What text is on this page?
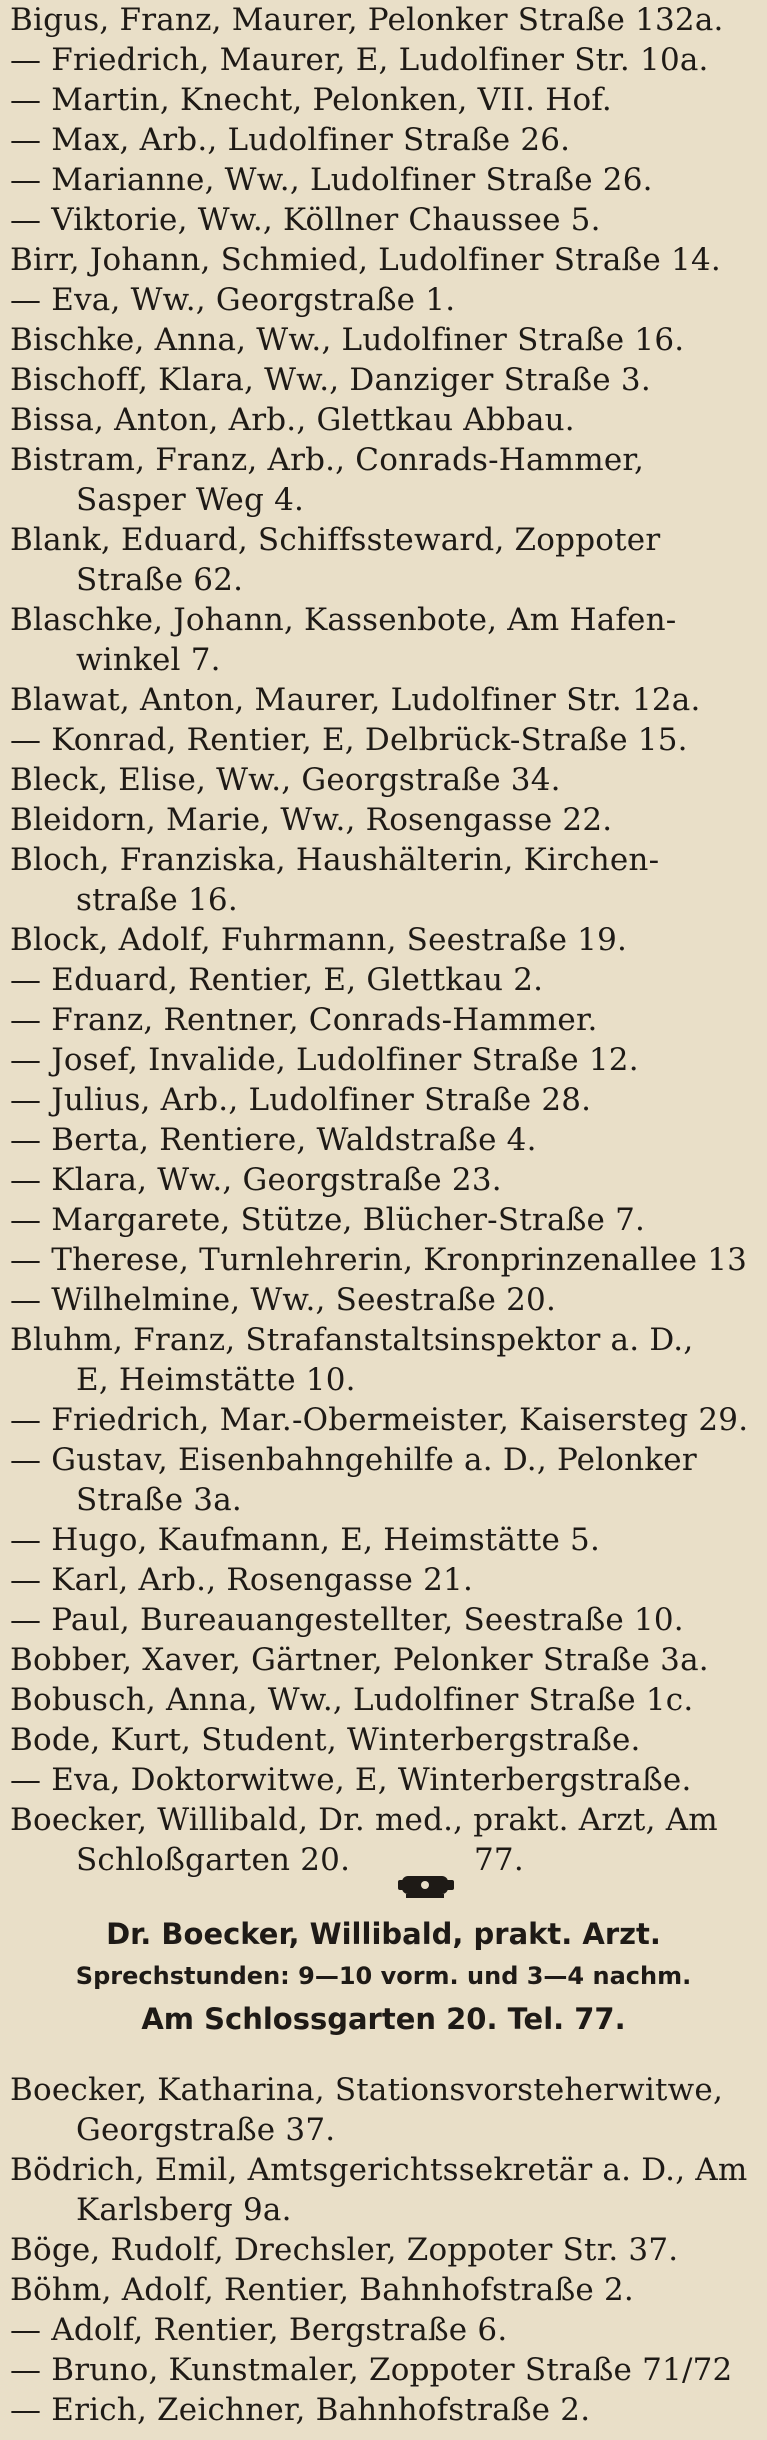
Bigus, Franz, Maurer, Pelonker Straße 132a.
— Friedrich, Maurer, E, Ludolfiner Str. 10a.
— Martin, Knecht, Pelonken, VII. Hof.
— Max, Arb., Ludolfiner Straße 26.
— Marianne, Ww., Ludolfiner Straße 26.
— Viktorie, Ww., Köllner Chaussee 5.
Birr, Johann, Schmied, Ludolfiner Straße 14.
— Eva, Ww., Georgstraße 1.
Bischke, Anna, Ww., Ludolfiner Straße 16.
Bischoff, Klara, Ww., Danziger Straße 3.
Bissa, Anton, Arb., Glettkau Abbau.
Bistram, Franz, Arb., Conrads-Hammer,
Sasper Weg 4.
Blank, Eduard, Schiffssteward, Zoppoter
Straße 62.
Blaschke, Johann, Kassenbote, Am Hafen-
winkel 7.
Blawat, Anton, Maurer, Ludolfiner Str. 12a.
— Konrad, Rentier, E, Delbrück-Straße 15.
Bleck, Elise, Ww., Georgstraße 34.
Bleidorn, Marie, Ww., Rosengasse 22.
Bloch, Franziska, Haushälterin, Kirchen-
straße 16.
Block, Adolf, Fuhrmann, Seestraße 19.
— Eduard, Rentier, E, Glettkau 2.
— Franz, Rentner, Conrads-Hammer.
— Josef, Invalide, Ludolfiner Straße 12.
— Julius, Arb., Ludolfiner Straße 28.
— Berta, Rentiere, Waldstraße 4.
— Klara, Ww., Georgstraße 23.
— Margarete, Stütze, Blücher-Straße 7.
— Therese, Turnlehrerin, Kronprinzenallee 13
— Wilhelmine, Ww., Seestraße 20.
Bluhm, Franz, Strafanstaltsinspektor a. D.,
E, Heimstätte 10.
— Friedrich, Mar.-Obermeister, Kaisersteg 29.
— Gustav, Eisenbahngehilfe a. D., Pelonker
Straße 3a.
— Hugo, Kaufmann, E, Heimstätte 5.
— Karl, Arb., Rosengasse 21.
— Paul, Bureauangestellter, Seestraße 10.
Bobber, Xaver, Gärtner, Pelonker Straße 3a.
Bobusch, Anna, Ww., Ludolfiner Straße 1c.
Bode, Kurt, Student, Winterbergstraße.
— Eva, Doktorwitwe, E, Winterbergstraße.
Boecker, Willibald, Dr. med., prakt. Arzt, Am
Schloßgarten 20.	77.
Dr. Boecker, Willibald, prakt. Arzt.
Sprechstunden: 9—10 vorm. und 3—4 nachm.
Am Schlossgarten 20. Tel. 77.
Boecker, Katharina, Stationsvorsteherwitwe,
Georgstraße 37.
Bödrich, Emil, Amtsgerichtssekretär a. D., Am
Karlsberg 9a.
Böge, Rudolf, Drechsler, Zoppoter Str. 37.
Böhm, Adolf, Rentier, Bahnhofstraße 2.
— Adolf, Rentier, Bergstraße 6.
— Bruno, Kunstmaler, Zoppoter Straße 71/72
— Erich, Zeichner, Bahnhofstraße 2.
